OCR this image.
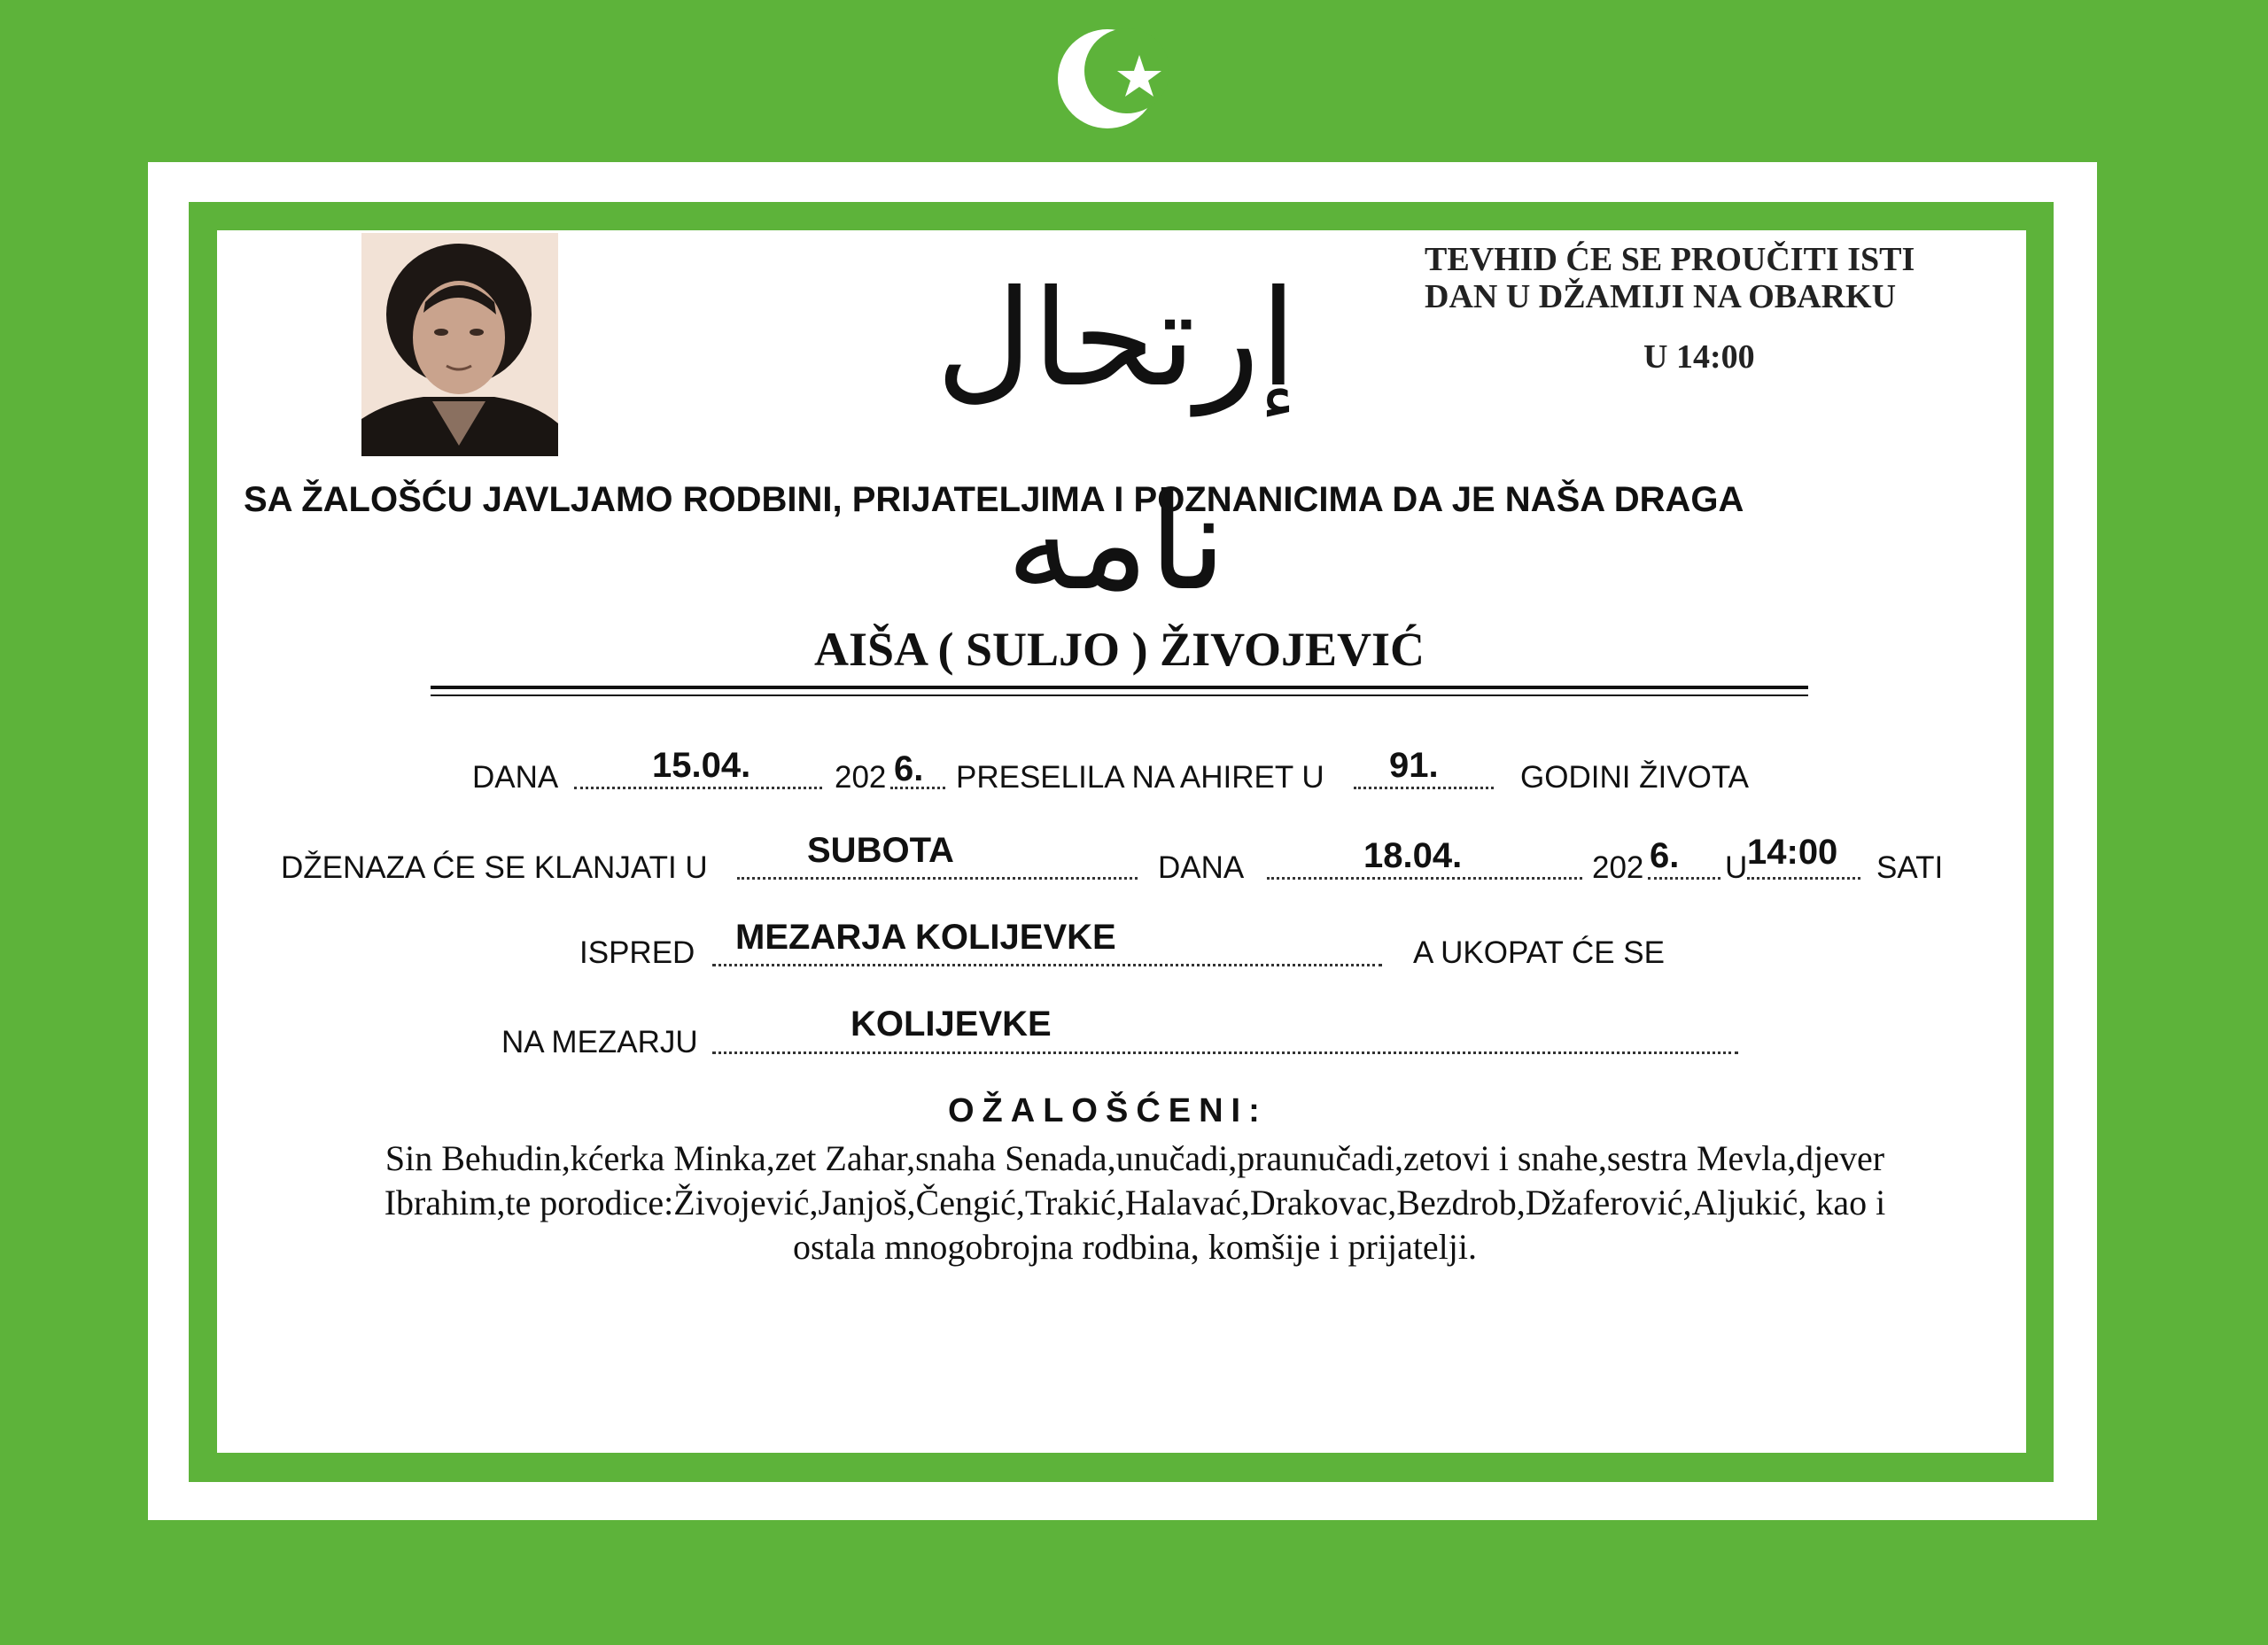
إرتحال نامه
TEVHID ĆE SE PROUČITI ISTI
DAN U DŽAMIJI NA OBARKU
U 14:00
SA ŽALOŠĆU JAVLJAMO RODBINI, PRIJATELJIMA I POZNANICIMA DA JE NAŠA DRAGA
AIŠA ( SULJO ) ŽIVOJEVIĆ
DANA	15.04.	202 6. PRESELILA NA AHIRET U 91.	GODINI ŽIVOTA
DŽENAZA ĆE SE KLANJATI U	SUBOTA	DANA	18.04.	202 6. U 14:00 SATI
ISPRED MEZARJA KOLIJEVKE	A UKOPAT ĆE SE
NA MEZARJU	KOLIJEVKE
OŽALOŠĆENI:
Sin Behudin,kćerka Minka,zet Zahar,snaha Senada,unučadi,praunučadi,zetovi i snahe,sestra Mevla,djever
Ibrahim,te porodice:Živojević,Janjoš,Čengić,Trakić,Halavać,Drakovac,Bezdrob,Džaferović,Aljukić, kao i
ostala mnogobrojna rodbina, komšije i prijatelji.
